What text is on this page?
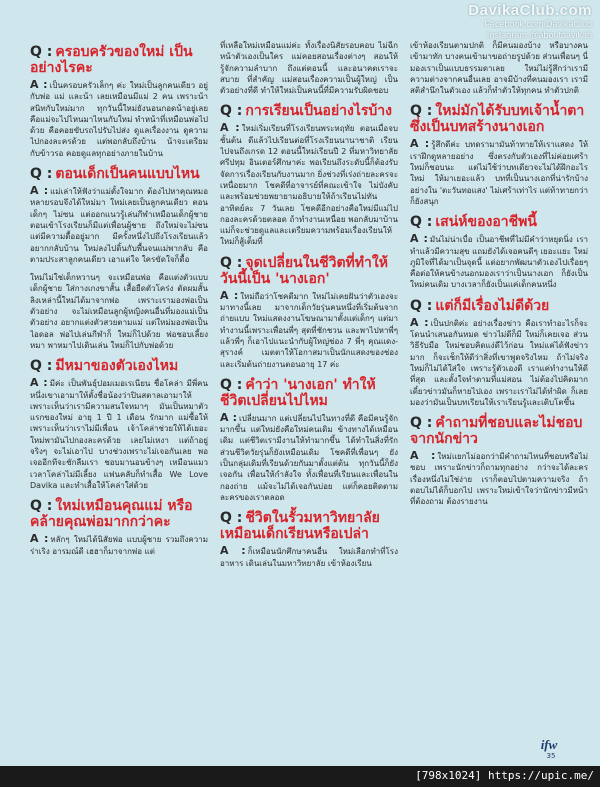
DavikaClub.com
Facebook.com/DavikaClub
Instagram @aboutdavikah
Q : ครอบครัวของใหม่ เป็นอย่างไรคะ
A : เป็นครอบครัวเล็กๆ ค่ะ ใหม่เป็นลูกคนเดียว อยู่กับพ่อ แม่ และน้า เลยเหมือนมีแม่ 2 คน เพราะน้าสนิทกับใหม่มาก ทุกวันนี้ใหม่ยังนอนกอดน้าอยู่เลย คือแม่จะไปไหนมาไหนกับใหม่ ทำหน้าที่เหมือนพ่อไปด้วย คือคอยขับรถไปรับไปส่ง ดูแลเรื่องงาน ดูความไปกองละครด้วย แต่พอกลับถึงบ้าน น้าจะเตรียมกับข้าวรอ คอยดูแลทุกอย่างภายในบ้าน
Q : ตอนเด็กเป็นคนแบบไหน
A : แม่เล่าให้ฟังว่าแม่ตั้งใจมาก ต้องไปหาคุณหมอหลายรอบจึงได้ใหม่มา ใหม่เลยเป็นลูกคนเดียว ตอนเด็กๆ ไม่ซน แต่ออกแนวรู้เล่นกีฬาเหมือนเด็กผู้ชาย ตอนเข้าโรงเรียนก็มีแต่เพื่อนผู้ชาย ถึงใหม่จะไม่ซน แต่มีความดื้ออยู่มาก มีครั้งหนึ่งไปถึงโรงเรียนแล้วอยากกลับบ้าน ใหม่ลงไปดิ้นกับพื้นจนแม่พากลับ คือตามประสาลูกคนเดียว เอาแต่ใจ ใครขัดใจก็ดื้อ
ใหม่ไม่ใช่เด็กหวานๆ จะเหมือนพ่อ คือแต่งตัวแบบเด็กผู้ชาย ใส่กางเกงขาสั้น เสื้อยืดตัวโคร่ง ตัดผมสั้น ลิงเหล่านี้ใหม่ได้มาจากพ่อ เพราะเรามองพ่อเป็นตัวอย่าง จะไม่เหมือนลูกผู้หญิงคนอื่นที่มองแม่เป็นตัวอย่าง อยากแต่งตัวสวยตามแม่ แต่ใหม่มองพ่อเป็นไอดอล พ่อไปเล่นกีฬาก็ ใหม่ก็ไปด้วย พ่อชอบเลี้ยงหมา พาหมาไปเดินเล่น ใหม่ก็ไปกับพ่อด้วย
Q : มีหมาของตัวเองไหม
A : มีค่ะ เป็นพันธุ์ปอมเมอเรเนียน ชื่อโคล่า มีพี่คนหนึ่งเขาเอามาให้ตั้งชื่อน้องว่าปินสตาลเอามาให้ เพราะเห็นว่าเรามีความสนใจหมาๆ มันเป็นหมาตัวแรกของใหม่ อายุ 1 ปี 1 เดือน รักมาก แม่ซื้อให้เพราะเห็นว่าเราไม่มีเพื่อน เจ้าโคล่าช่วยให้ได้เยอะ ใหม่พามันไปกองละครด้วย เลยไม่เหงา แต่ถ้าอยู่จริงๆ จะไม่เอาไป บางช่วงเพราะไม่เจอกันเลย พอเจออีกทีจะชักลืมเรา ชอบมานอนข้างๆ เหมือนแมว เวลาโคล่าไม่มีเลี้ยง แฟนคลับก็ทำเสื้อ We Love Davika และทำเสื้อให้โคล่าใส่ด้วย
Q : ใหม่เหมือนคุณแม่ หรือคล้ายคุณพ่อมากกว่าคะ
A : หลักๆ ใหม่ได้นิสัยพ่อ แบบผู้ชาย รวมถึงความร่าเริง อารมณ์ดี เฮฮาก็มาจากพ่อ แต่
ที่เหลือใหม่เหมือนแม่ค่ะ ทั้งเรื่องนิสัยรอบคอบ ไม่ฉีกหน้าตัวเองเป็นใคร แม่คอยสอนเรื่องต่างๆ สอนให้รู้จักความลำบาก ถึงแต่ตอนนี้ และอนาคตเราจะสบาย ที่สำคัญ แม่สอนเรื่องความเป็นผู้ใหญ่ เป็นตัวอย่างที่ดี ทำให้ใหม่เป็นคนนี้ที่มีความรับผิดชอบ
Q : การเรียนเป็นอย่างไรบ้าง
A : ใหม่เริ่มเรียนที่โรงเรียนพระหฤทัย ตอนเมื่อจบชั้นต้น ดีแล้วไปเรียนต่อที่โรงเรียนนานาชาติ เรียนไปจนถึงเกรด 12 ตอนนี้ใหม่เรียนปี 2 ที่มหาวิทยาลัยศรีปทุม อินเตอร์ศึกษาค่ะ พอเรียนถึงระดับนี้ก็ต้องรับจัดการเรื่องเรียนกับงานมาก ยิ่งช่วงที่เร่งถ่ายละครจะเหนื่อยมาก โชคดีที่อาจารย์ที่คณะเข้าใจ ไม่บังคับ และพร้อมช่วยพยายามอธิบายให้ถ้าเรียนไม่ทัน อาทิตย์ละ 7 วันเลย โชคดีอีกอย่างคือใหม่มีแม่ไปกองละครด้วยตลอด ถ้าทำงานเหนื่อย พอกลับมาบ้าน แม่ก็จะช่วยดูแลและเตรียมความพร้อมเรื่องเรียนให้ ใหม่ก็สู้เต็มที่
Q : จุดเปลี่ยนในชีวิตที่ทำให้วันนี้เป็น 'นางเอก'
A : ใหม่ถือว่าโชคดีมาก ใหม่ไม่เคยฝันว่าตัวเองจะมาทางนี้เลย มาจากเด็กวัยรุ่นคนหนึ่งที่เริ่มต้นจากถ่ายแบบ ใหม่แสดงงานโฆษณามาตั้งแต่เด็กๆ แต่มาทำงานนี้เพราะเพื่อนพี่ๆ สุดที่ชักชวน และพาไปหาพี่ๆ แล้วพี่ๆ ก็เอาไปแนะนำกับผู้ใหญ่ช่อง 7 พี่ๆ คุณแดง-สุรางค์ เมตตาให้โอกาสมาเป็นนักแสดงของช่อง และเริ่มต้นถ่ายงานตอนอายุ 17 ค่ะ
Q : คำว่า 'นางเอก' ทำให้ชีวิตเปลี่ยนไปไหม
A : เปลี่ยนมาก แต่เปลี่ยนไปในทางที่ดี คือมีคนรู้จักมากขึ้น แต่ใหม่ยังคือใหม่คนเดิม ข้างทางได้เหมือนเดิม แต่ชีวิตเรามีงานให้ทำมากขึ้น ได้ทำในสิ่งที่รัก ส่วนชีวิตวัยรุ่นก็ยังเหมือนเดิม โชคดีที่เพื่อนๆ ยังเป็นกลุ่มเดิมที่เรียนด้วยกันมาตั้งแต่ต้น ทุกวันนี้ก็ยังเจอกัน เพื่อนให้กำลังใจ ทั้งเพื่อนที่เรียนและเพื่อนในกองถ่าย แม้จะไม่ได้เจอกันบ่อย แต่ก็คอยติดตามละครของเราตลอด
Q : ชีวิตในรั้วมหาวิทยาลัย เหมือนเด็กเรียนหรือเปล่า
A : ก็เหมือนนักศึกษาคนอื่น ใหม่เลือกทำที่โรงอาหาร เดินเล่นในมหาวิทยาลัย เข้าห้องเรียน
เข้าห้องเรียนตามปกติ ก็มีคนมองบ้าง หรือบางคนเข้ามาทัก บางคนเข้ามาขอถ่ายรูปด้วย ส่วนเพื่อนๆ นี่มองเราเป็นแบบธรรมดาเลย ใหม่ไม่รู้สึกว่าเรามีความต่างจากคนอื่นเลย อาจมีบ้างที่คนมองเรา เรามีสติสำนึกในตัวเอง แล้วก็ทำตัวให้ทุกคน ทำตัวปกติ
Q : ใหม่มักได้รับบทเจ้าน้ำตา ซึ่งเป็นบทสร้างนางเอก
A : รู้สึกดีค่ะ บทดรามามันท้าทายให้เราแสดง ให้เราฝึกดูหลายอย่าง ซึ่งตรงกับตัวเองที่ไม่ค่อยเศร้าใหม่ก็ชอบนะ แต่ไม่ใช้ว่าบทเดียวจะไม่ได้ฝึกอะไรใหม่ ให้มาเยอะแล้ว บทที่เป็นนางเอกที่น่ารักบ้าง อย่างใน 'ตะวันทอแสง' ไม่เศร้าเท่าไร แต่ท้าทายกว่า ก็ยังสนุก
Q : เสน่ห์ของอาชีพนี้
A : มันไม่น่าเบื่อ เป็นอาชีพที่ไม่มีคำว่าหยุดนิ่ง เราทำแล้วมีความสุข แถมยังได้เจอคนดีๆ เยอะแยะ ใหม่ภูมิใจที่ได้มาเป็นจุดนี้ แต่อยากพัฒนาตัวเองไปเรื่อยๆ คือต่อให้คนข้างนอกมองเราว่าเป็นนางเอก ก็ยังเป็นใหม่คนเดิม บางเวลาก็ยังเป็นแค่เด็กคนหนึ่ง
Q : แต่ก็มีเรื่องไม่ดีด้วย
A : เป็นปกติค่ะ อย่างเรื่องข่าว คือเราทำอะไรก็จะโดนนำเสนอกันหมด ข่าวไม่ดีก็มี ใหม่ก็เคยเจอ ส่วนวิธีรับมือ ใหม่ชอบคิดแง่ดีไว้ก่อน ใหม่แค่ได้ฟังข่าวมาก ก็จะเช็กให้ดีว่าสิ่งที่เขาพูดจริงไหม ถ้าไม่จริง ใหม่ก็ไม่ได้ใส่ใจ เพราะรู้ตัวเองดี เราแค่ทำงานให้ดีที่สุด และตั้งใจทำตามที่แม่สอน ไม่ต้องไปคิดมาก เดี๋ยวข่าวมันก็หายไปเอง เพราะเราไม่ได้ทำผิด ก็เลยมองว่ามันเป็นบทเรียนให้เราเรียนรู้และเติบโตขึ้น
Q : คำถามที่ชอบและไม่ชอบ จากนักข่าว
A : ใหม่แยกไม่ออกว่ามีคำถามไหนที่ชอบหรือไม่ชอบ เพราะนักข่าวก็ถามทุกอย่าง กว่าจะได้ละครเรื่องหนึ่งไม่ใช่ง่าย เราก็ตอบไปตามความจริง ถ้าตอบไม่ได้ก็บอกไป เพราะใหม่เข้าใจว่านักข่าวมีหน้าที่ต้องถาม ต้องรายงาน
ifw
35
[798x1024] https://upic.me/
